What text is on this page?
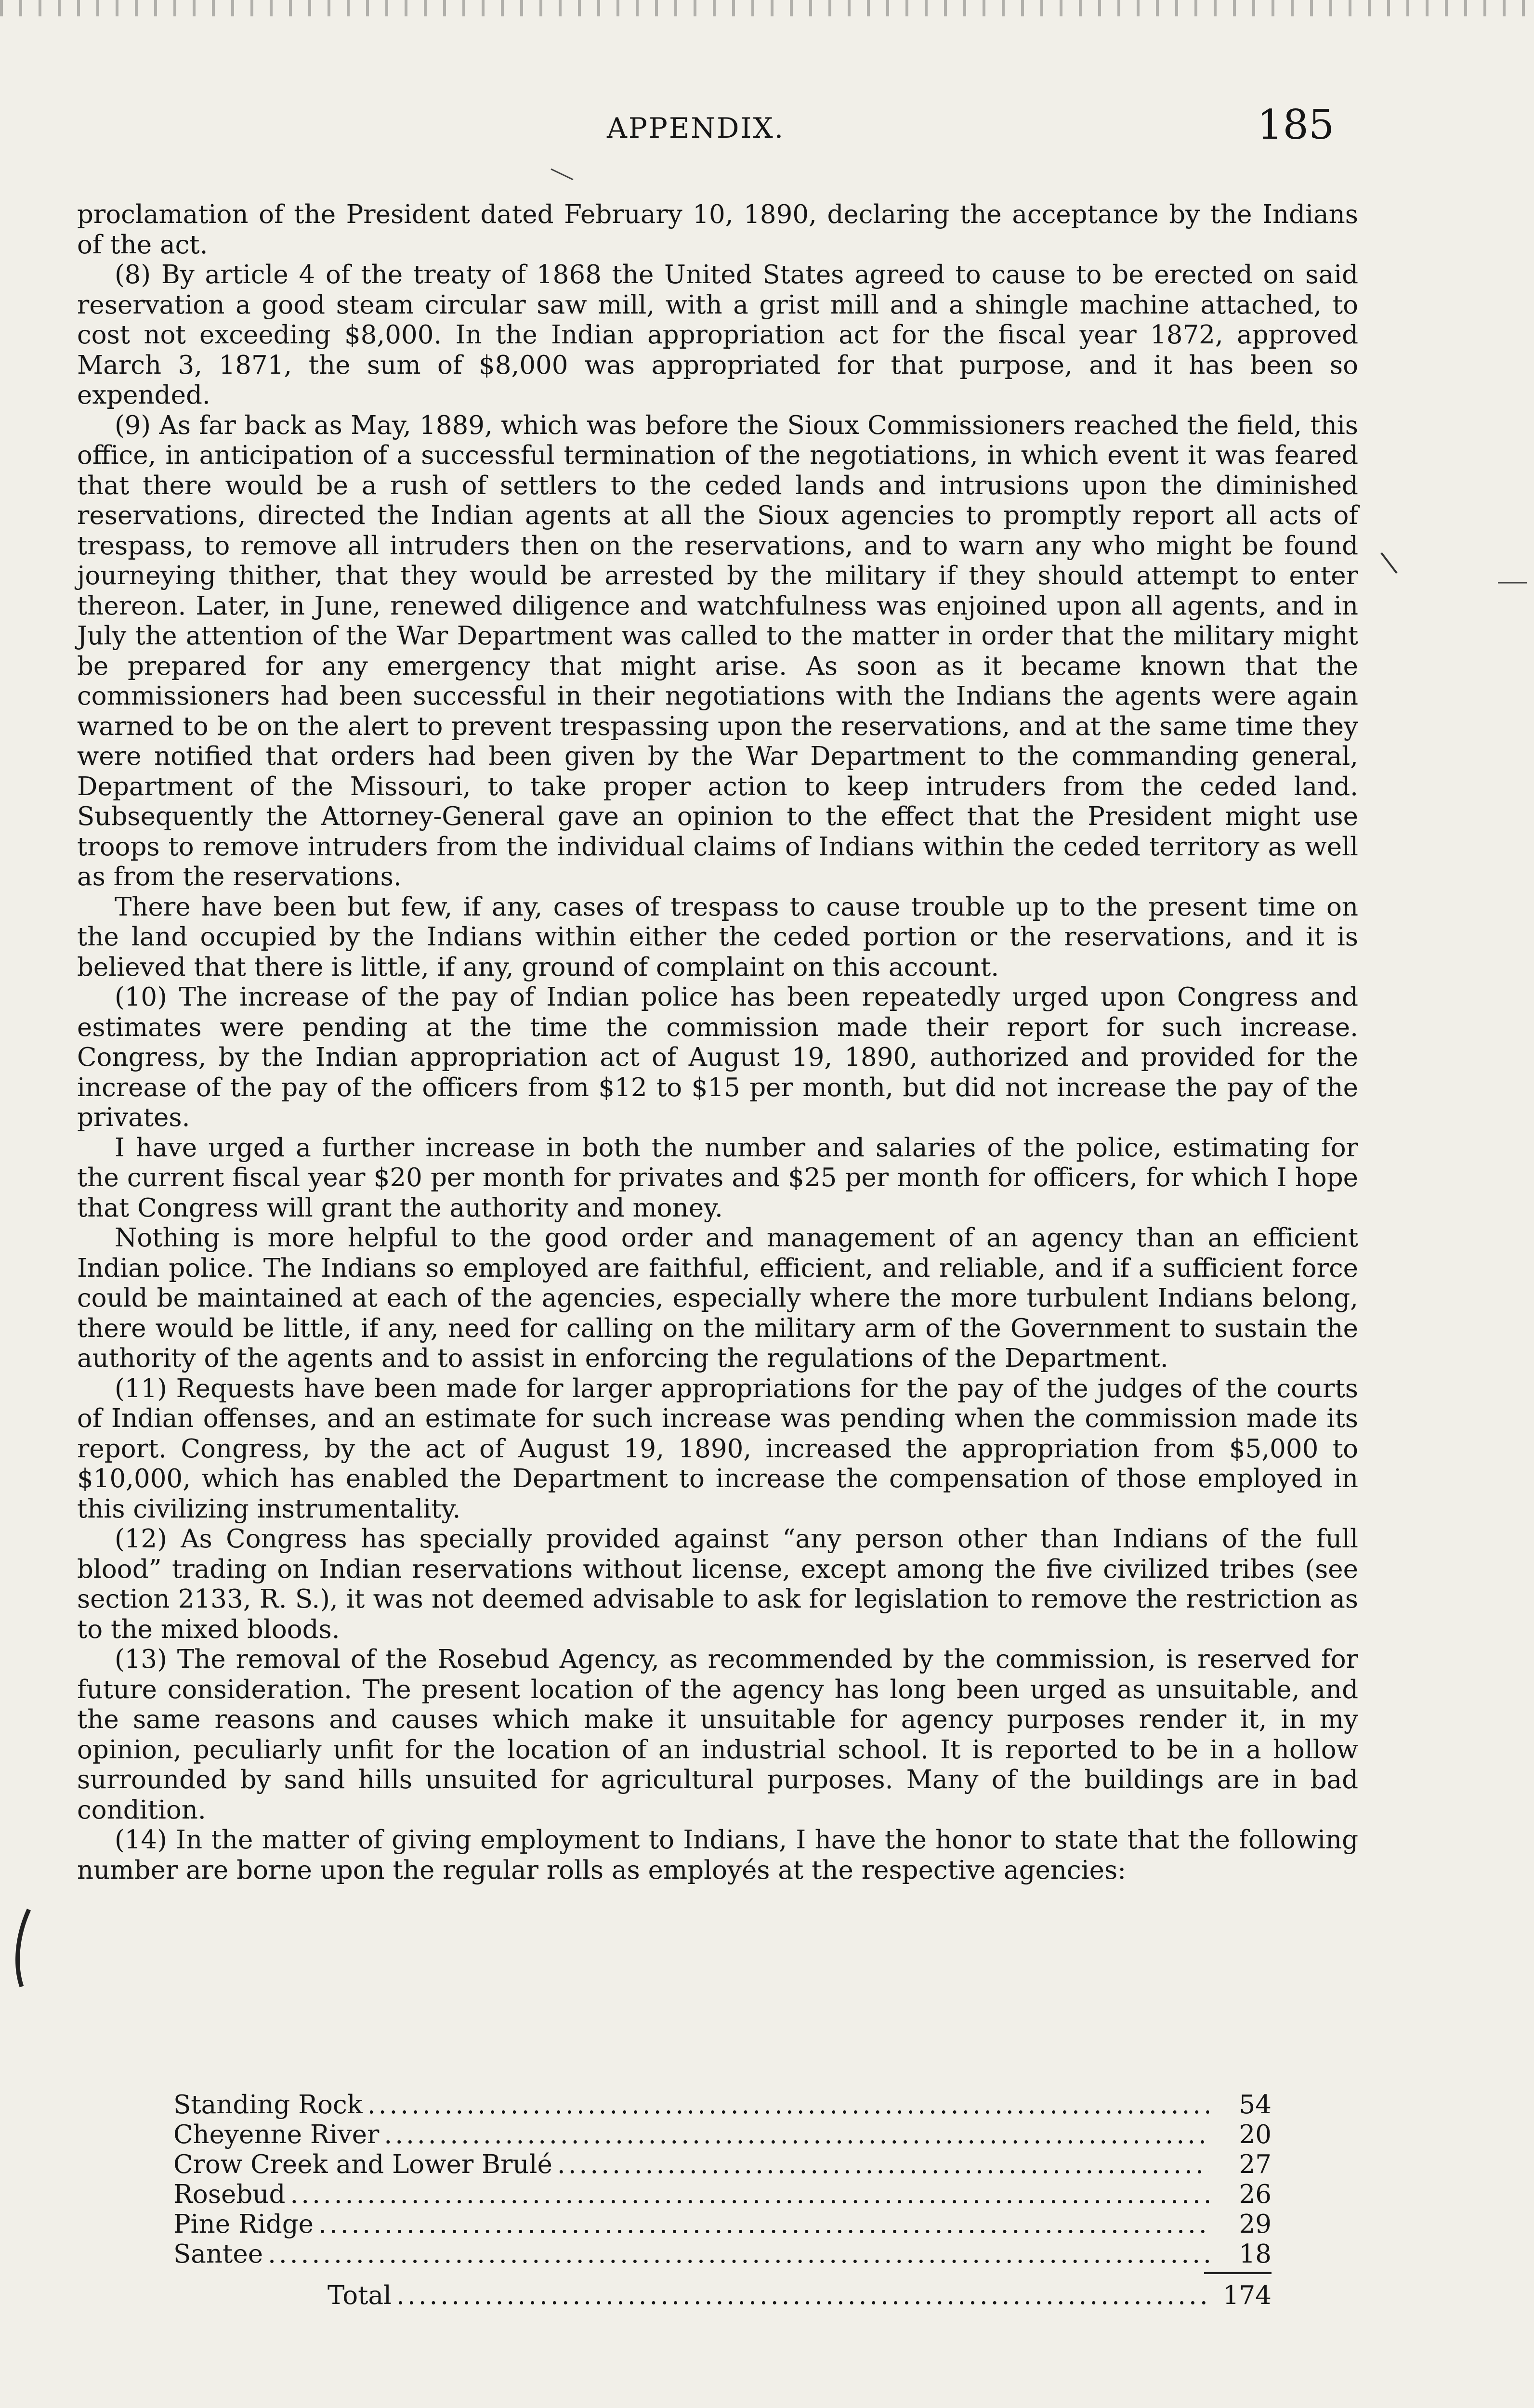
APPENDIX.	185

proclamation of the President dated February 10, 1890, declaring the acceptance by the Indians of the act.

(8) By article 4 of the treaty of 1868 the United States agreed to cause to be erected on said reservation a good steam circular saw mill, with a grist mill and a shingle machine attached, to cost not exceeding $8,000. In the Indian appropriation act for the fiscal year 1872, approved March 3, 1871, the sum of $8,000 was appropriated for that purpose, and it has been so expended.

(9) As far back as May, 1889, which was before the Sioux Commissioners reached the field, this office, in anticipation of a successful termination of the negotiations, in which event it was feared that there would be a rush of settlers to the ceded lands and intrusions upon the diminished reservations, directed the Indian agents at all the Sioux agencies to promptly report all acts of trespass, to remove all intruders then on the reservations, and to warn any who might be found journeying thither, that they would be arrested by the military if they should attempt to enter thereon. Later, in June, renewed diligence and watchfulness was enjoined upon all agents, and in July the attention of the War Department was called to the matter in order that the military might be prepared for any emergency that might arise. As soon as it became known that the commissioners had been successful in their negotiations with the Indians the agents were again warned to be on the alert to prevent trespassing upon the reservations, and at the same time they were notified that orders had been given by the War Department to the commanding general, Department of the Missouri, to take proper action to keep intruders from the ceded land. Subsequently the Attorney-General gave an opinion to the effect that the President might use troops to remove intruders from the individual claims of Indians within the ceded territory as well as from the reservations.

There have been but few, if any, cases of trespass to cause trouble up to the present time on the land occupied by the Indians within either the ceded portion or the reservations, and it is believed that there is little, if any, ground of complaint on this account.

(10) The increase of the pay of Indian police has been repeatedly urged upon Congress and estimates were pending at the time the commission made their report for such increase. Congress, by the Indian appropriation act of August 19, 1890, authorized and provided for the increase of the pay of the officers from $12 to $15 per month, but did not increase the pay of the privates.

I have urged a further increase in both the number and salaries of the police, estimating for the current fiscal year $20 per month for privates and $25 per month for officers, for which I hope that Congress will grant the authority and money.

Nothing is more helpful to the good order and management of an agency than an efficient Indian police. The Indians so employed are faithful, efficient, and reliable, and if a sufficient force could be maintained at each of the agencies, especially where the more turbulent Indians belong, there would be little, if any, need for calling on the military arm of the Government to sustain the authority of the agents and to assist in enforcing the regulations of the Department.

(11) Requests have been made for larger appropriations for the pay of the judges of the courts of Indian offenses, and an estimate for such increase was pending when the commission made its report. Congress, by the act of August 19, 1890, increased the appropriation from $5,000 to $10,000, which has enabled the Department to increase the compensation of those employed in this civilizing instrumentality.

(12) As Congress has specially provided against “any person other than Indians of the full blood” trading on Indian reservations without license, except among the five civilized tribes (see section 2133, R. S.), it was not deemed advisable to ask for legislation to remove the restriction as to the mixed bloods.

(13) The removal of the Rosebud Agency, as recommended by the commission, is reserved for future consideration. The present location of the agency has long been urged as unsuitable, and the same reasons and causes which make it unsuitable for agency purposes render it, in my opinion, peculiarly unfit for the location of an industrial school. It is reported to be in a hollow surrounded by sand hills unsuited for agricultural purposes. Many of the buildings are in bad condition.

(14) In the matter of giving employment to Indians, I have the honor to state that the following number are borne upon the regular rolls as employés at the respective agencies:

Standing Rock .....	54
Cheyenne River .....	20
Crow Creek and Lower Brulé .....	27
Rosebud .....	26
Pine Ridge .....	29
Santee .....	18
Total .....	174
